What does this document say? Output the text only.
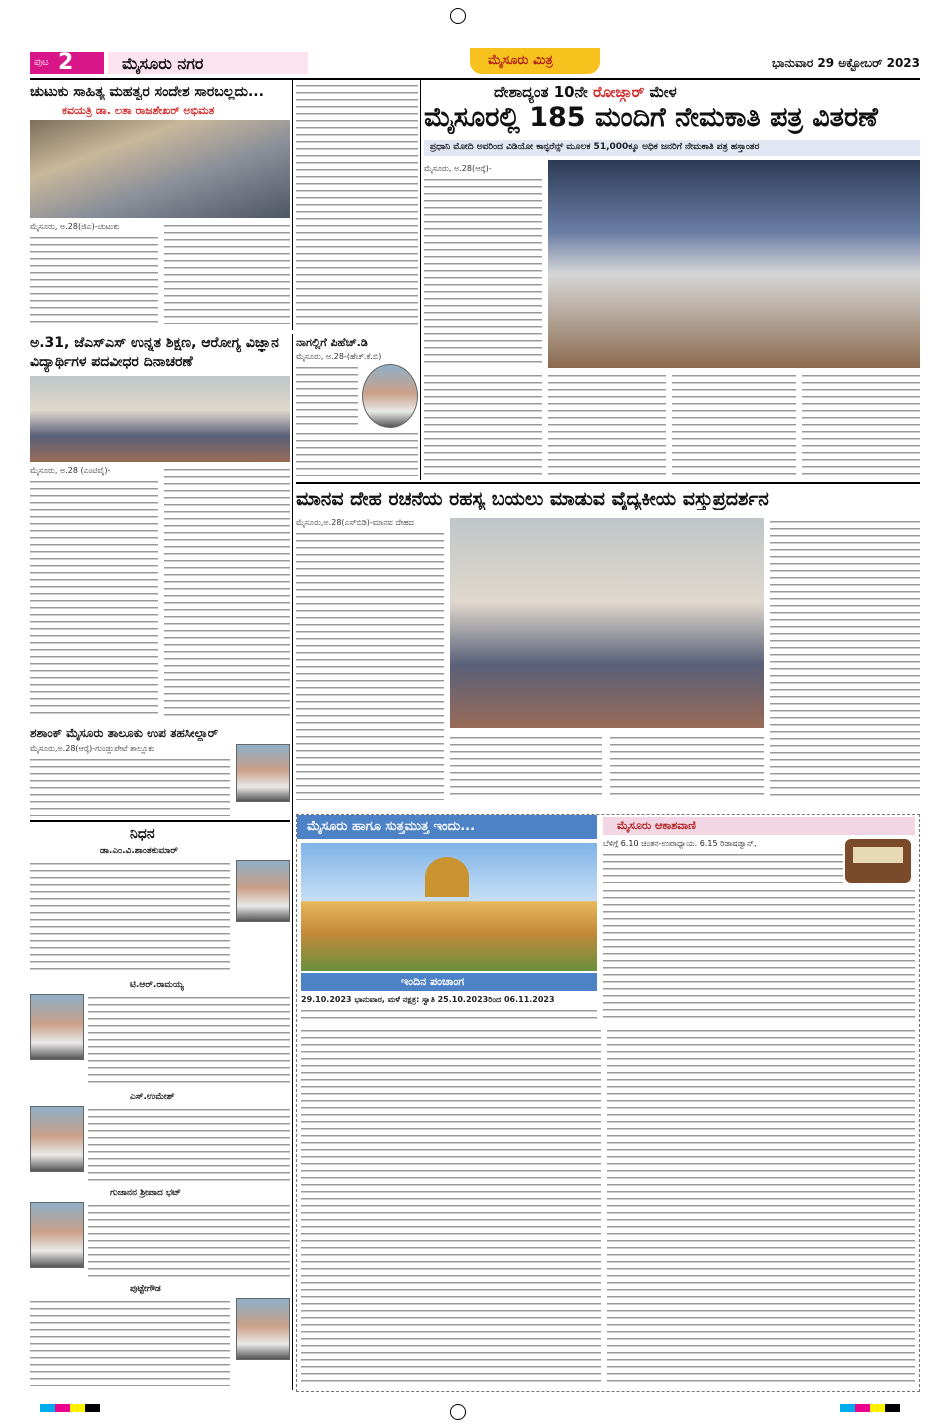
ಪುಟ 2	ಮೈಸೂರು ನಗರ	ಮೈಸೂರು ಮಿತ್ರ	ಭಾನುವಾರ 29 ಅಕ್ಟೋಬರ್ 2023
ಚುಟುಕು ಸಾಹಿತ್ಯ ಮಹತ್ವರ ಸಂದೇಶ ಸಾರಬಲ್ಲದು...
ಕವಯತ್ರಿ ಡಾ. ಲತಾ ರಾಜಶೇಖರ್ ಅಭಿಮತ
ಮೈಸೂರು, ಅ.28(ಜಿಎ)-ಚುಟುಕು
ದೇಶಾದ್ಯಂತ 10ನೇ ರೋಜ್ಗಾರ್ ಮೇಳ
ಮೈಸೂರಲ್ಲಿ 185 ಮಂದಿಗೆ ನೇಮಕಾತಿ ಪತ್ರ ವಿತರಣೆ
ಪ್ರಧಾನಿ ಮೋದಿ ಅವರಿಂದ ವಿಡಿಯೋ ಕಾನ್ಫರೆನ್ಸ್ ಮೂಲಕ 51,000ಕ್ಕೂ ಅಧಿಕ ಜನರಿಗೆ ನೇಮಕಾತಿ ಪತ್ರ ಹಸ್ತಾಂತರ
ಮೈಸೂರು, ಅ.28(ಆರ್‍ಕೆ)-
ಅ.31, ಜೆಎಸ್‍ಎಸ್ ಉನ್ನತ ಶಿಕ್ಷಣ, ಆರೋಗ್ಯ ವಿಜ್ಞಾನ ವಿದ್ಯಾರ್ಥಿಗಳ ಪದವೀಧರ ದಿನಾಚರಣೆ
ಮೈಸೂರು, ಅ.28 (ಎಂಟಿವೈ)-
ನಾಗಲ್ಲಿಗೆ ಪಿಹೆಚ್.ಡಿ
ಮೈಸೂರು, ಅ.28-(ಹೆಚ್.ಕೆ.ಬಿ)
ಮಾನವ ದೇಹ ರಚನೆಯ ರಹಸ್ಯ ಬಯಲು ಮಾಡುವ ವೈದ್ಯಕೀಯ ವಸ್ತುಪ್ರದರ್ಶನ
ಮೈಸೂರು,ಅ.28(ಎಸ್‍ಬಿಡಿ)-ಮಾನವ ದೇಹದ
ಶಶಾಂಕ್ ಮೈಸೂರು ತಾಲೂಕು ಉಪ ತಹಸೀಲ್ದಾರ್
ಮೈಸೂರು,ಅ.28(ಆರ್‍ಕೆ)-ಗುಂಡ್ಲುಪೇಟೆ ತಾಲ್ಲೂಕು
ನಿಧನ
ಡಾ.ಎಂ.ವಿ.ಶಾಂತಕುಮಾರ್
ಟಿ.ಆರ್.ರಾಮಯ್ಯ
ಎಸ್.ಉಮೇಶ್
ಗುಜಾನನ ಶ್ರೀಪಾದ ಭಟ್
ಪುಟ್ಟೇಗೌಡ
ಮೈಸೂರು ಹಾಗೂ ಸುತ್ತಮುತ್ತ ಇಂದು...
ಇಂದಿನ ಪಂಚಾಂಗ
29.10.2023 ಭಾನುವಾರ, ಮಳೆ ನಕ್ಷತ್ರ: ಸ್ವಾತಿ 25.10.2023ರಿಂದ 06.11.2023
ಮೈಸೂರು ಆಕಾಶವಾಣಿ
ಬೆಳಿಗ್ಗೆ 6.10 ಚಿಂತನ-ಉಪಾಧ್ಯಾಯ. 6.15 ರಿಡಾಷಡ್ವಾನ್,
